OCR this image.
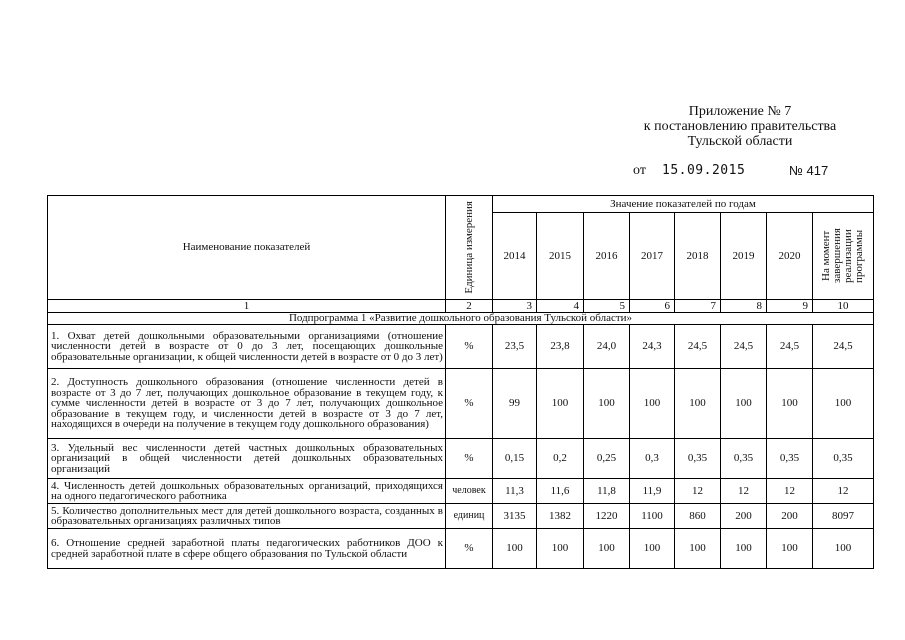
Приложение № 7
к постановлению правительства
Тульской области
от 15.09.2015	№ 417
Наименование показателей	Единица измерения	Значение показателей по годам							
		2014	2015	2016	2017	2018	2019	2020	На момент завершения реализации программы

1	2	3	4	5	6	7	8	9	10
Подпрограмма 1 «Развитие дошкольного образования Тульской области»									
1. Охват детей дошкольными образовательными организациями (отношение численности детей в возрасте от 0 до 3 лет, посещающих дошкольные образовательные организации, к общей численности детей в возрасте от 0 до 3 лет)	%	23,5	23,8	24,0	24,3	24,5	24,5	24,5	24,5
2. Доступность дошкольного образования (отношение численности детей в возрасте от 3 до 7 лет, получающих дошкольное образование в текущем году, к сумме численности детей в возрасте от 3 до 7 лет, получающих дошкольное образование в текущем году, и численности детей в возрасте от 3 до 7 лет, находящихся в очереди на получение в текущем году дошкольного образования)	%	99	100	100	100	100	100	100	100
3. Удельный вес численности детей частных дошкольных образовательных организаций в общей численности детей дошкольных образовательных организаций	%	0,15	0,2	0,25	0,3	0,35	0,35	0,35	0,35
4. Численность детей дошкольных образовательных организаций, приходящихся на одного педагогического работника	человек	11,3	11,6	11,8	11,9	12	12	12	12
5. Количество дополнительных мест для детей дошкольного возраста, созданных в образовательных организациях различных типов	единиц	3135	1382	1220	1100	860	200	200	8097
6. Отношение средней заработной платы педагогических работников ДОО к средней заработной плате в сфере общего образования по Тульской области	%	100	100	100	100	100	100	100	100
